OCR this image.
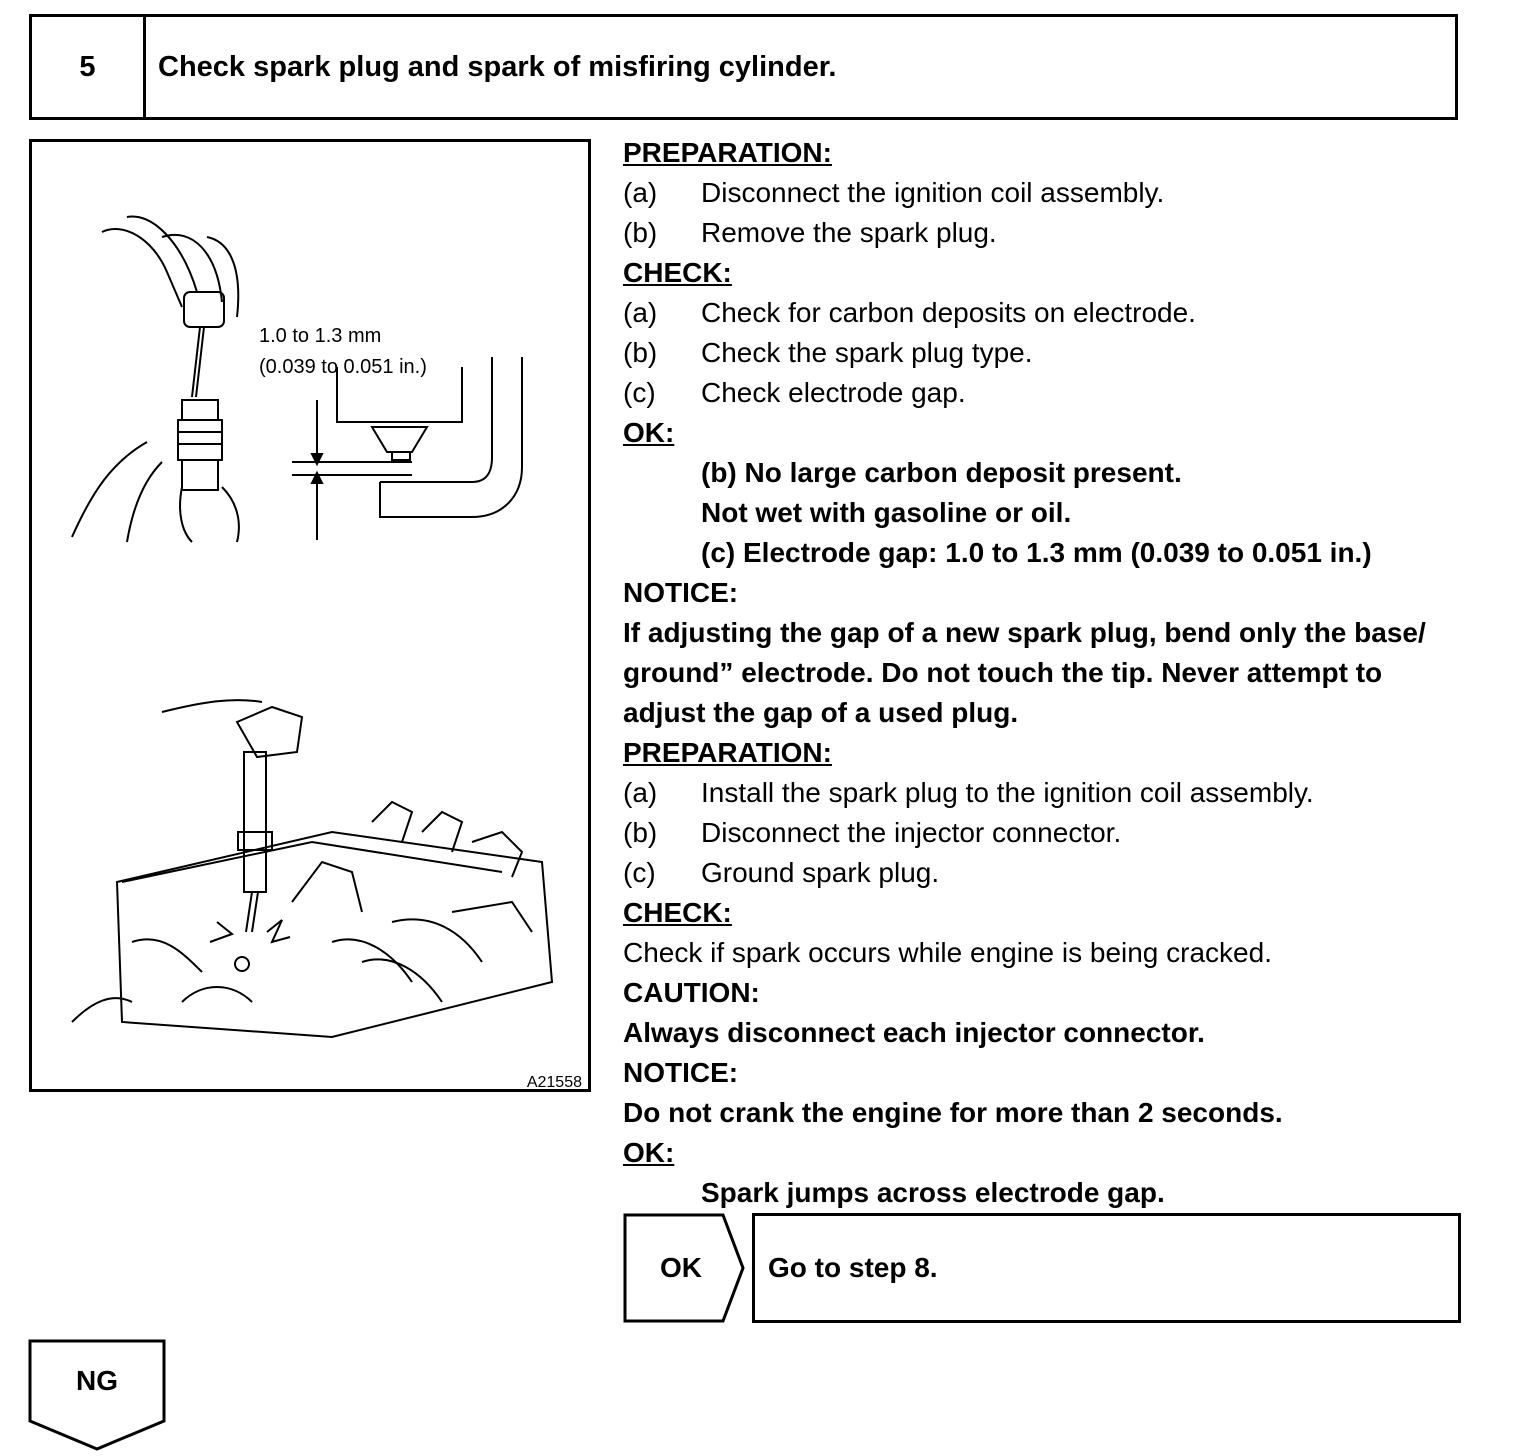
5	Check spark plug and spark of misfiring cylinder.
1.0 to 1.3 mm
(0.039 to 0.051 in.)
A21558
PREPARATION:
(a) Disconnect the ignition coil assembly.
(b) Remove the spark plug.
CHECK:
(a) Check for carbon deposits on electrode.
(b) Check the spark plug type.
(c) Check electrode gap.
OK:
(b) No large carbon deposit present.
Not wet with gasoline or oil.
(c) Electrode gap: 1.0 to 1.3 mm (0.039 to 0.051 in.)
NOTICE:
If adjusting the gap of a new spark plug, bend only the base/
ground” electrode. Do not touch the tip. Never attempt to
adjust the gap of a used plug.
PREPARATION:
(a) Install the spark plug to the ignition coil assembly.
(b) Disconnect the injector connector.
(c) Ground spark plug.
CHECK:
Check if spark occurs while engine is being cracked.
CAUTION:
Always disconnect each injector connector.
NOTICE:
Do not crank the engine for more than 2 seconds.
OK:
Spark jumps across electrode gap.
OK	Go to step 8.
NG
